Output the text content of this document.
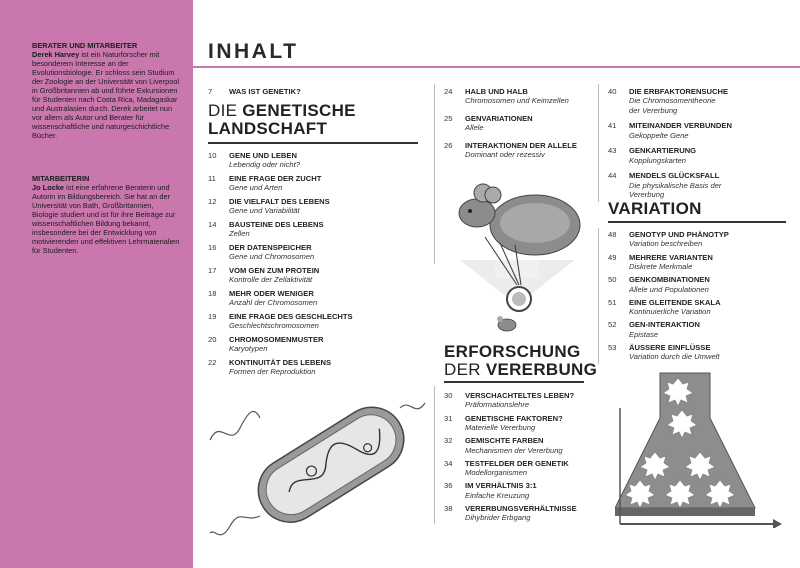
BERATER UND MITARBEITER
Derek Harvey ist ein Naturforscher mit besonderem Interesse an der Evolutionsbiologie. Er schloss sein Studium der Zoologie an der Universität von Liverpool in Großbritannien ab und führte Exkursionen für Studenten nach Costa Rica, Madagaskar und Australasien durch. Derek arbeitet nun vor allem als Autor und Berater für wissenschaftliche und naturgeschichtliche Bücher.
MITARBEITERIN
Jo Locke ist eine erfahrene Beraterin und Autorin im Bildungsbereich. Sie hat an der Universität von Bath, Großbritannien, Biologie studiert und ist für ihre Beiträge zur wissenschaftlichen Bildung bekannt, insbesondere bei der Entwicklung von motivierenden und effektiven Lehrmaterialien für Studenten.
INHALT
7	WAS IST GENETIK?
DIE GENETISCHE
LANDSCHAFT
10	GENE UND LEBEN
Lebendig oder nicht?
11	EINE FRAGE DER ZUCHT
Gene und Arten
12	DIE VIELFALT DES LEBENS
Gene und Variabilität
14	BAUSTEINE DES LEBENS
Zellen
16	DER DATENSPEICHER
Gene und Chromosomen
17	VOM GEN ZUM PROTEIN
Kontrolle der Zellaktivität
18	MEHR ODER WENIGER
Anzahl der Chromosomen
19	EINE FRAGE DES GESCHLECHTS
Geschlechtschromosomen
20	CHROMOSOMENMUSTER
Karyotypen
22	KONTINUITÄT DES LEBENS
Formen der Reproduktion
24	HALB UND HALB
Chromosomen und Keimzellen
25	GENVARIATIONEN
Allele
26	INTERAKTIONEN DER ALLELE
Dominant oder rezessiv
ERFORSCHUNG
DER VERERBUNG
30	VERSCHACHTELTES LEBEN?
Präformationslehre
31	GENETISCHE FAKTOREN?
Materielle Vererbung
32	GEMISCHTE FARBEN
Mechanismen der Vererbung
34	TESTFELDER DER GENETIK
Modellorganismen
36	IM VERHÄLTNIS 3:1
Einfache Kreuzung
38	VERERBUNGSVERHÄLTNISSE
Dihybrider Erbgang
40	DIE ERBFAKTORENSUCHE
Die Chromosomentheorie
der Vererbung
41	MITEINANDER VERBUNDEN
Gekoppelte Gene
43	GENKARTIERUNG
Kopplungskarten
44	MENDELS GLÜCKSFALL
Die physikalische Basis der
Vererbung
VARIATION
48	GENOTYP UND PHÄNOTYP
Variation beschreiben
49	MEHRERE VARIANTEN
Diskrete Merkmale
50	GENKOMBINATIONEN
Allele und Populationen
51	EINE GLEITENDE SKALA
Kontinuierliche Variation
52	GEN-INTERAKTION
Epistase
53	ÄUSSERE EINFLÜSSE
Variation durch die Umwelt
